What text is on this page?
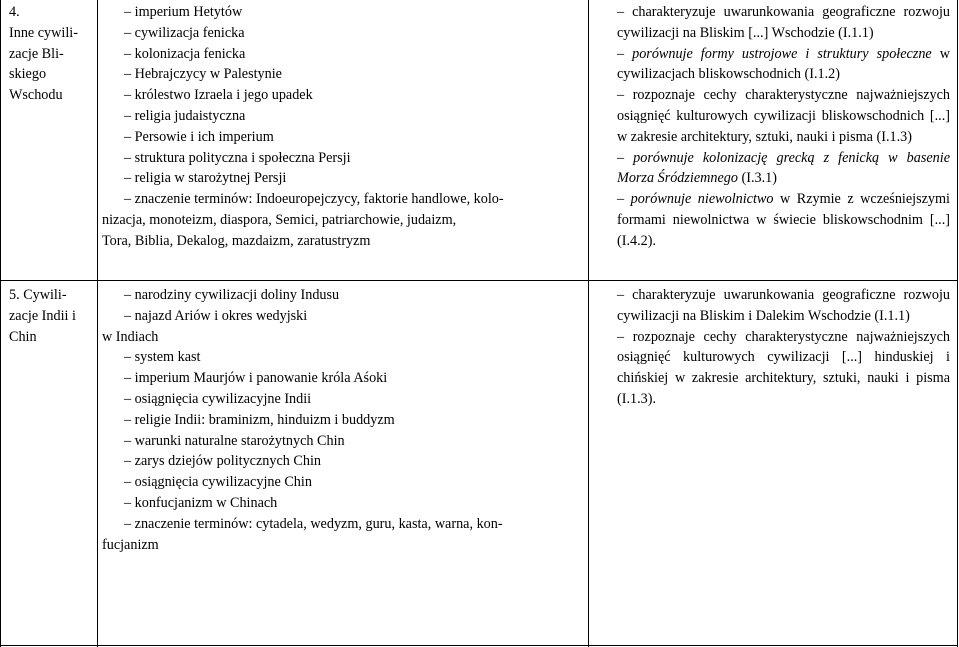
4.

Inne cywili-

zacje Bli-

skiego

Wschodu

– imperium Hetytów

– cywilizacja fenicka

– kolonizacja fenicka

– Hebrajczycy w Palestynie

– królestwo Izraela i jego upadek

– religia judaistyczna

– Persowie i ich imperium

– struktura polityczna i społeczna Persji

– religia w starożytnej Persji

– znaczenie terminów: Indoeuropejczycy, faktorie handlowe, kolo-

nizacja, monoteizm, diaspora, Semici, patriarchowie, judaizm,

Tora, Biblia, Dekalog, mazdaizm, zaratustryzm

– charakteryzuje uwarunkowania geograficzne rozwoju cywilizacji na Bliskim [...] Wschodzie (I.1.1)

– porównuje formy ustrojowe i struktury społeczne w cywilizacjach bliskowschodnich (I.1.2)

– rozpoznaje cechy charakterystyczne najważniejszych osiągnięć kulturowych cywilizacji bliskowschodnich [...] w zakresie architektury, sztuki, nauki i pisma (I.1.3)

– porównuje kolonizację grecką z fenicką w basenie Morza Śródziemnego (I.3.1)

– porównuje niewolnictwo w Rzymie z wcześniejszymi formami niewolnictwa w świecie bliskowschodnim [...] (I.4.2).

5. Cywili-

zacje Indii i

Chin

– narodziny cywilizacji doliny Indusu

– najazd Ariów i okres wedyjski

w Indiach

– system kast

– imperium Maurjów i panowanie króla Aśoki

– osiągnięcia cywilizacyjne Indii

– religie Indii: braminizm, hinduizm i buddyzm

– warunki naturalne starożytnych Chin

– zarys dziejów politycznych Chin

– osiągnięcia cywilizacyjne Chin

– konfucjanizm w Chinach

– znaczenie terminów: cytadela, wedyzm, guru, kasta, warna, kon-

fucjanizm

– charakteryzuje uwarunkowania geograficzne rozwoju cywilizacji na Bliskim i Dalekim Wschodzie (I.1.1)

– rozpoznaje cechy charakterystyczne najważniejszych osiągnięć kulturowych cywilizacji [...] hinduskiej i chińskiej w zakresie architektury, sztuki, nauki i pisma (I.1.3).
